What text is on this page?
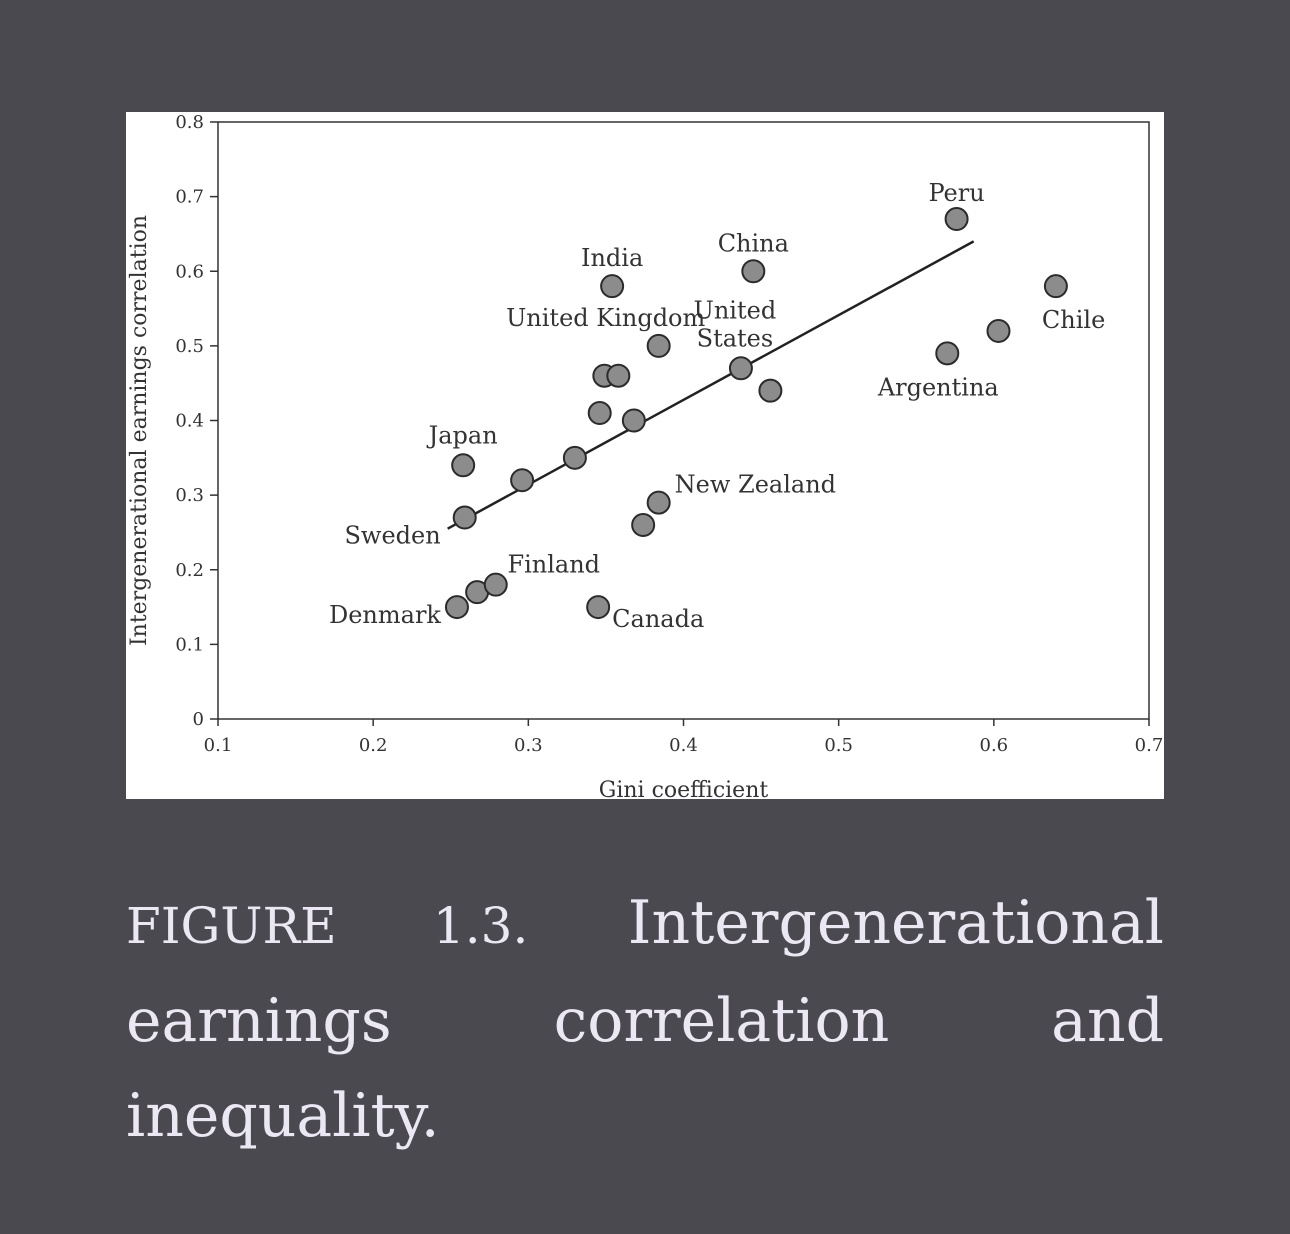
0.1	0.2	0.3	0.4	0.5	0.6	0.7
0
0.1
0.2
0.3
0.4
0.5
0.6
0.7
0.8
Denmark
Finland
Sweden
Japan
Canada
India
New Zealand
United Kingdom
United States
China
Argentina
Peru
Chile
Gini coefficient
Intergenerational earnings correlation

FIGURE 1.3. Intergenerational earnings correlation and inequality.
